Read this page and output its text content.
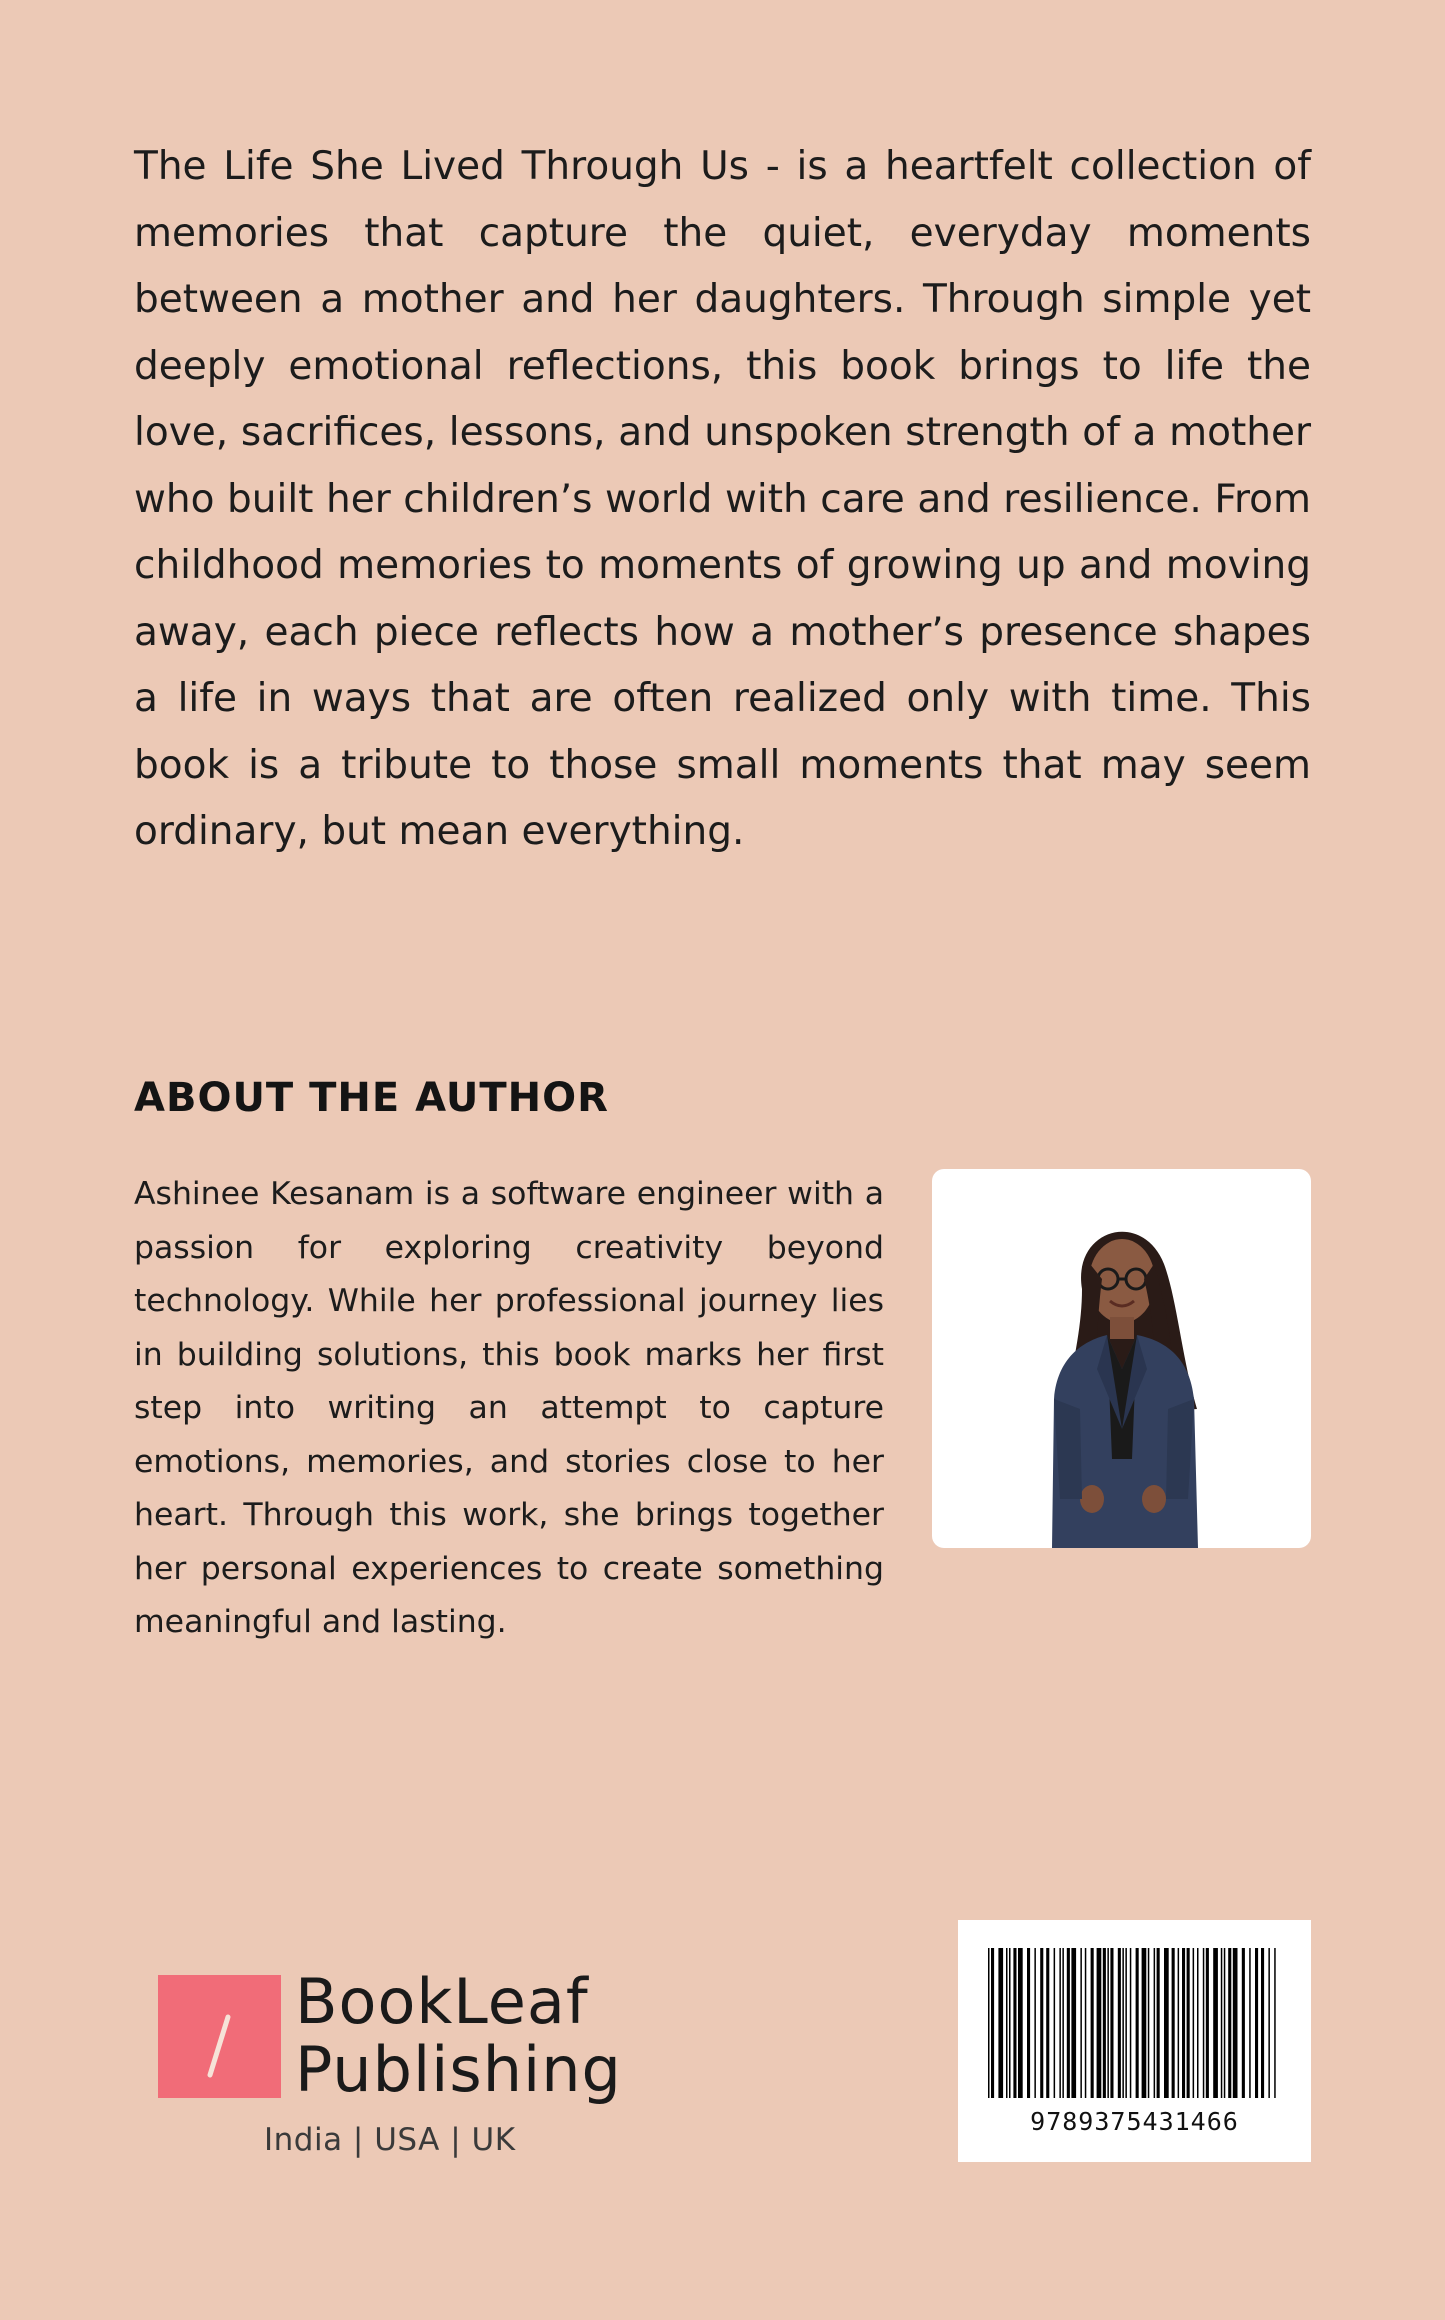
The Life She Lived Through Us - is a heartfelt collection of memories that capture the quiet, everyday moments between a mother and her daughters. Through simple yet deeply emotional reflections, this book brings to life the love, sacrifices, lessons, and unspoken strength of a mother who built her children’s world with care and resilience. From childhood memories to moments of growing up and moving away, each piece reflects how a mother’s presence shapes a life in ways that are often realized only with time. This book is a tribute to those small moments that may seem ordinary, but mean everything.

ABOUT THE AUTHOR

Ashinee Kesanam is a software engineer with a passion for exploring creativity beyond technology. While her professional journey lies in building solutions, this book marks her first step into writing an attempt to capture emotions, memories, and stories close to her heart. Through this work, she brings together her personal experiences to create something meaningful and lasting.

BookLeaf
Publishing
India | USA | UK
9789375431466
